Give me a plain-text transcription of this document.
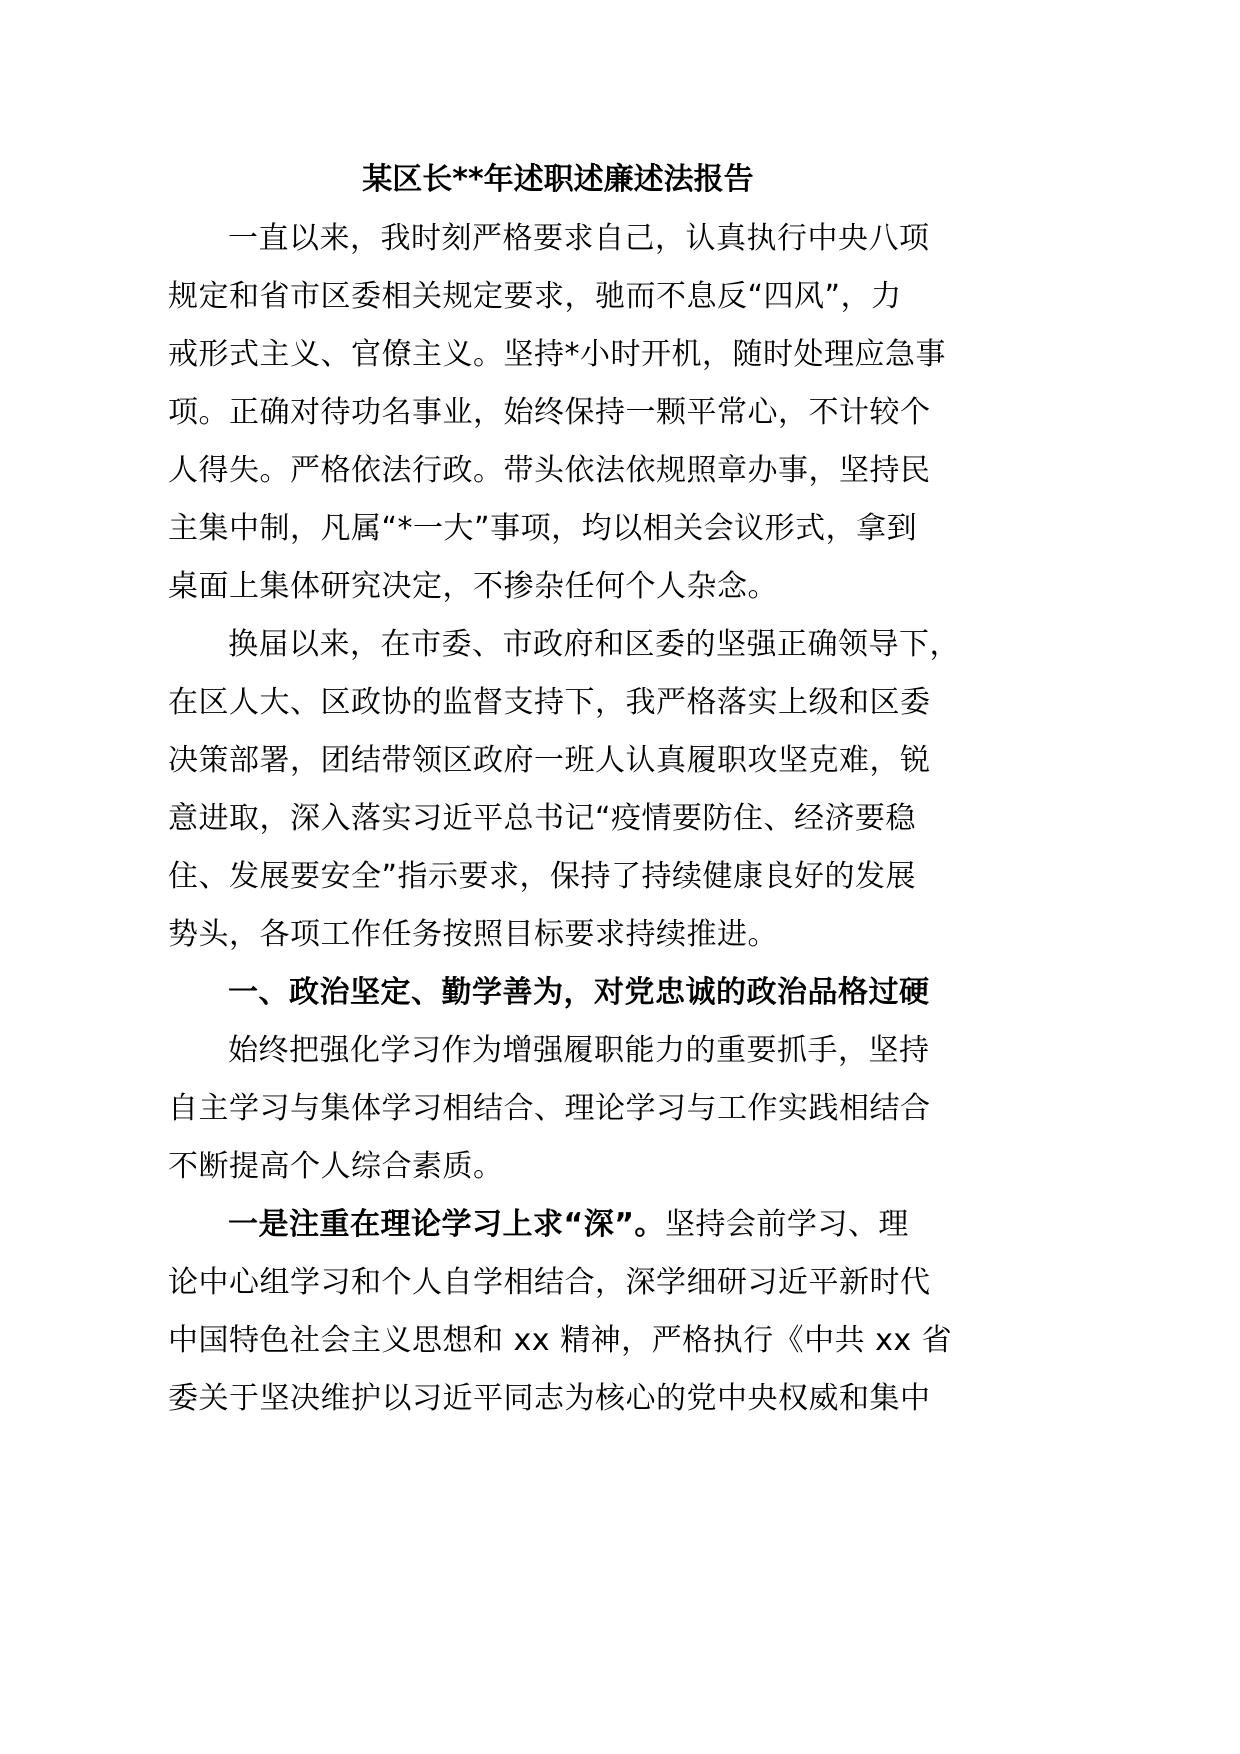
某区长**年述职述廉述法报告
一直以来，我时刻严格要求自己，认真执行中央八项
规定和省市区委相关规定要求，驰而不息反“四风”，力
戒形式主义、官僚主义。坚持*小时开机，随时处理应急事
项。正确对待功名事业，始终保持一颗平常心，不计较个
人得失。严格依法行政。带头依法依规照章办事，坚持民
主集中制，凡属“*一大”事项，均以相关会议形式，拿到
桌面上集体研究决定，不掺杂任何个人杂念。
换届以来，在市委、市政府和区委的坚强正确领导下，
在区人大、区政协的监督支持下，我严格落实上级和区委
决策部署，团结带领区政府一班人认真履职攻坚克难，锐
意进取，深入落实习近平总书记“疫情要防住、经济要稳
住、发展要安全”指示要求，保持了持续健康良好的发展
势头，各项工作任务按照目标要求持续推进。
一、政治坚定、勤学善为，对党忠诚的政治品格过硬
始终把强化学习作为增强履职能力的重要抓手，坚持
自主学习与集体学习相结合、理论学习与工作实践相结合
不断提高个人综合素质。
一是注重在理论学习上求“深”。坚持会前学习、理
论中心组学习和个人自学相结合，深学细研习近平新时代
中国特色社会主义思想和 xx 精神，严格执行《中共 xx 省
委关于坚决维护以习近平同志为核心的党中央权威和集中
